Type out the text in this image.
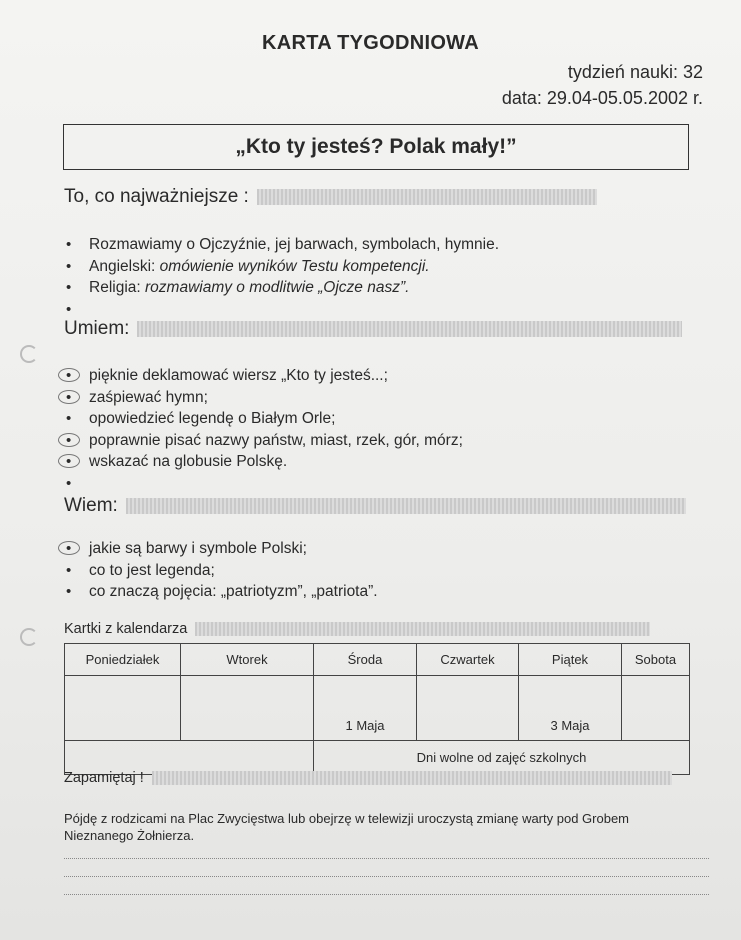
KARTA TYGODNIOWA
tydzień nauki: 32
data: 29.04-05.05.2002 r.
„Kto ty jesteś? Polak mały!”
To, co najważniejsze :
• Rozmawiamy o Ojczyźnie, jej barwach, symbolach, hymnie.
• Angielski: omówienie wyników Testu kompetencji.
• Religia: rozmawiamy o modlitwie „Ojcze nasz”.
•
Umiem:
• pięknie deklamować wiersz „Kto ty jesteś...;
• zaśpiewać hymn;
• opowiedzieć legendę o Białym Orle;
• poprawnie pisać nazwy państw, miast, rzek, gór, mórz;
• wskazać na globusie Polskę.
•
Wiem:
• jakie są barwy i symbole Polski;
• co to jest legenda;
• co znaczą pojęcia: „patriotyzm”, „patriota”.
Kartki z kalendarza
Poniedziałek	Wtorek	Środa	Czwartek	Piątek	Sobota
		1 Maja		3 Maja	
		Dni wolne od zajęć szkolnych			
Zapamiętaj !
Pójdę z rodzicami na Plac Zwycięstwa lub obejrzę w telewizji uroczystą zmianę warty pod Grobem Nieznanego Żołnierza.
